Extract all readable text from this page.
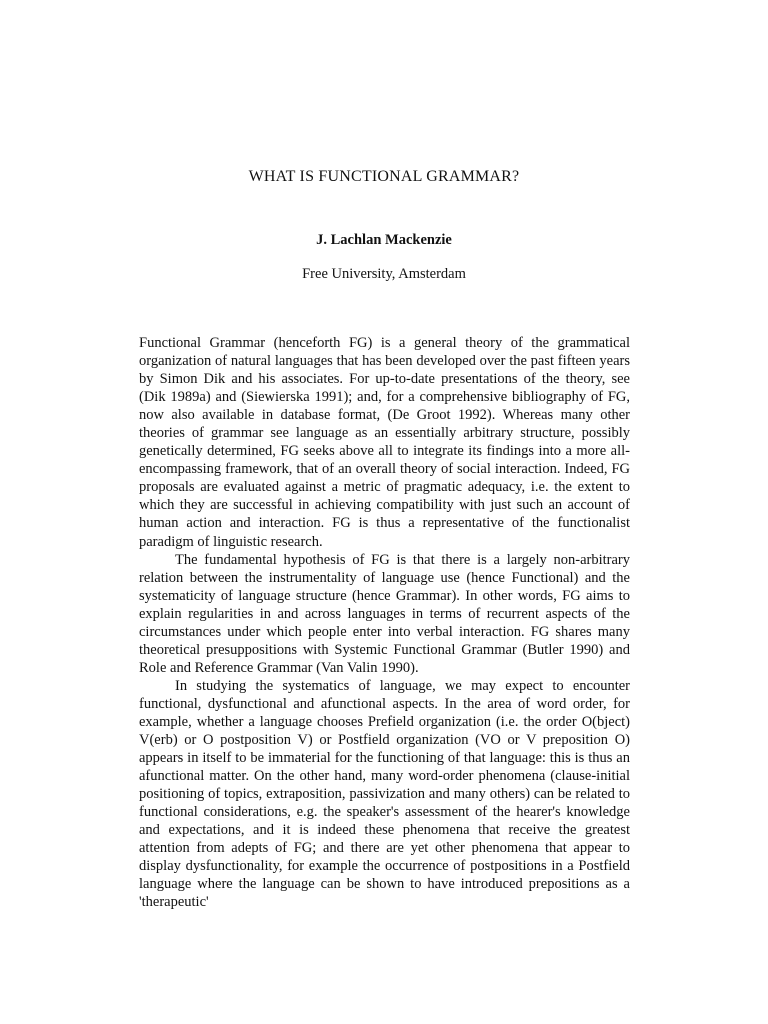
WHAT IS FUNCTIONAL GRAMMAR?
J. Lachlan Mackenzie
Free University, Amsterdam

Functional Grammar (henceforth FG) is a general theory of the grammatical organization of natural languages that has been developed over the past fifteen years by Simon Dik and his associates. For up-to-date presentations of the theory, see (Dik 1989a) and (Siewierska 1991); and, for a comprehensive bibliography of FG, now also available in database format, (De Groot 1992). Whereas many other theories of grammar see language as an essentially arbitrary structure, possibly genetically determined, FG seeks above all to integrate its findings into a more all-encompassing framework, that of an overall theory of social interaction. Indeed, FG proposals are evaluated against a metric of pragmatic adequacy, i.e. the extent to which they are successful in achieving compatibility with just such an account of human action and interaction. FG is thus a representative of the functionalist paradigm of linguistic research.

The fundamental hypothesis of FG is that there is a largely non-arbitrary relation between the instrumentality of language use (hence Functional) and the systematicity of language structure (hence Grammar). In other words, FG aims to explain regularities in and across languages in terms of recurrent aspects of the circumstances under which people enter into verbal interaction. FG shares many theoretical presuppositions with Systemic Functional Grammar (Butler 1990) and Role and Reference Grammar (Van Valin 1990).

In studying the systematics of language, we may expect to encounter functional, dysfunctional and afunctional aspects. In the area of word order, for example, whether a language chooses Prefield organization (i.e. the order O(bject) V(erb) or O postposition V) or Postfield organization (VO or V preposition O) appears in itself to be immaterial for the functioning of that language: this is thus an afunctional matter. On the other hand, many word-order phenomena (clause-initial positioning of topics, extraposition, passivization and many others) can be related to functional considerations, e.g. the speaker's assessment of the hearer's knowledge and expectations, and it is indeed these phenomena that receive the greatest attention from adepts of FG; and there are yet other phenomena that appear to display dysfunctionality, for example the occurrence of postpositions in a Postfield language where the language can be shown to have introduced prepositions as a 'therapeutic'
